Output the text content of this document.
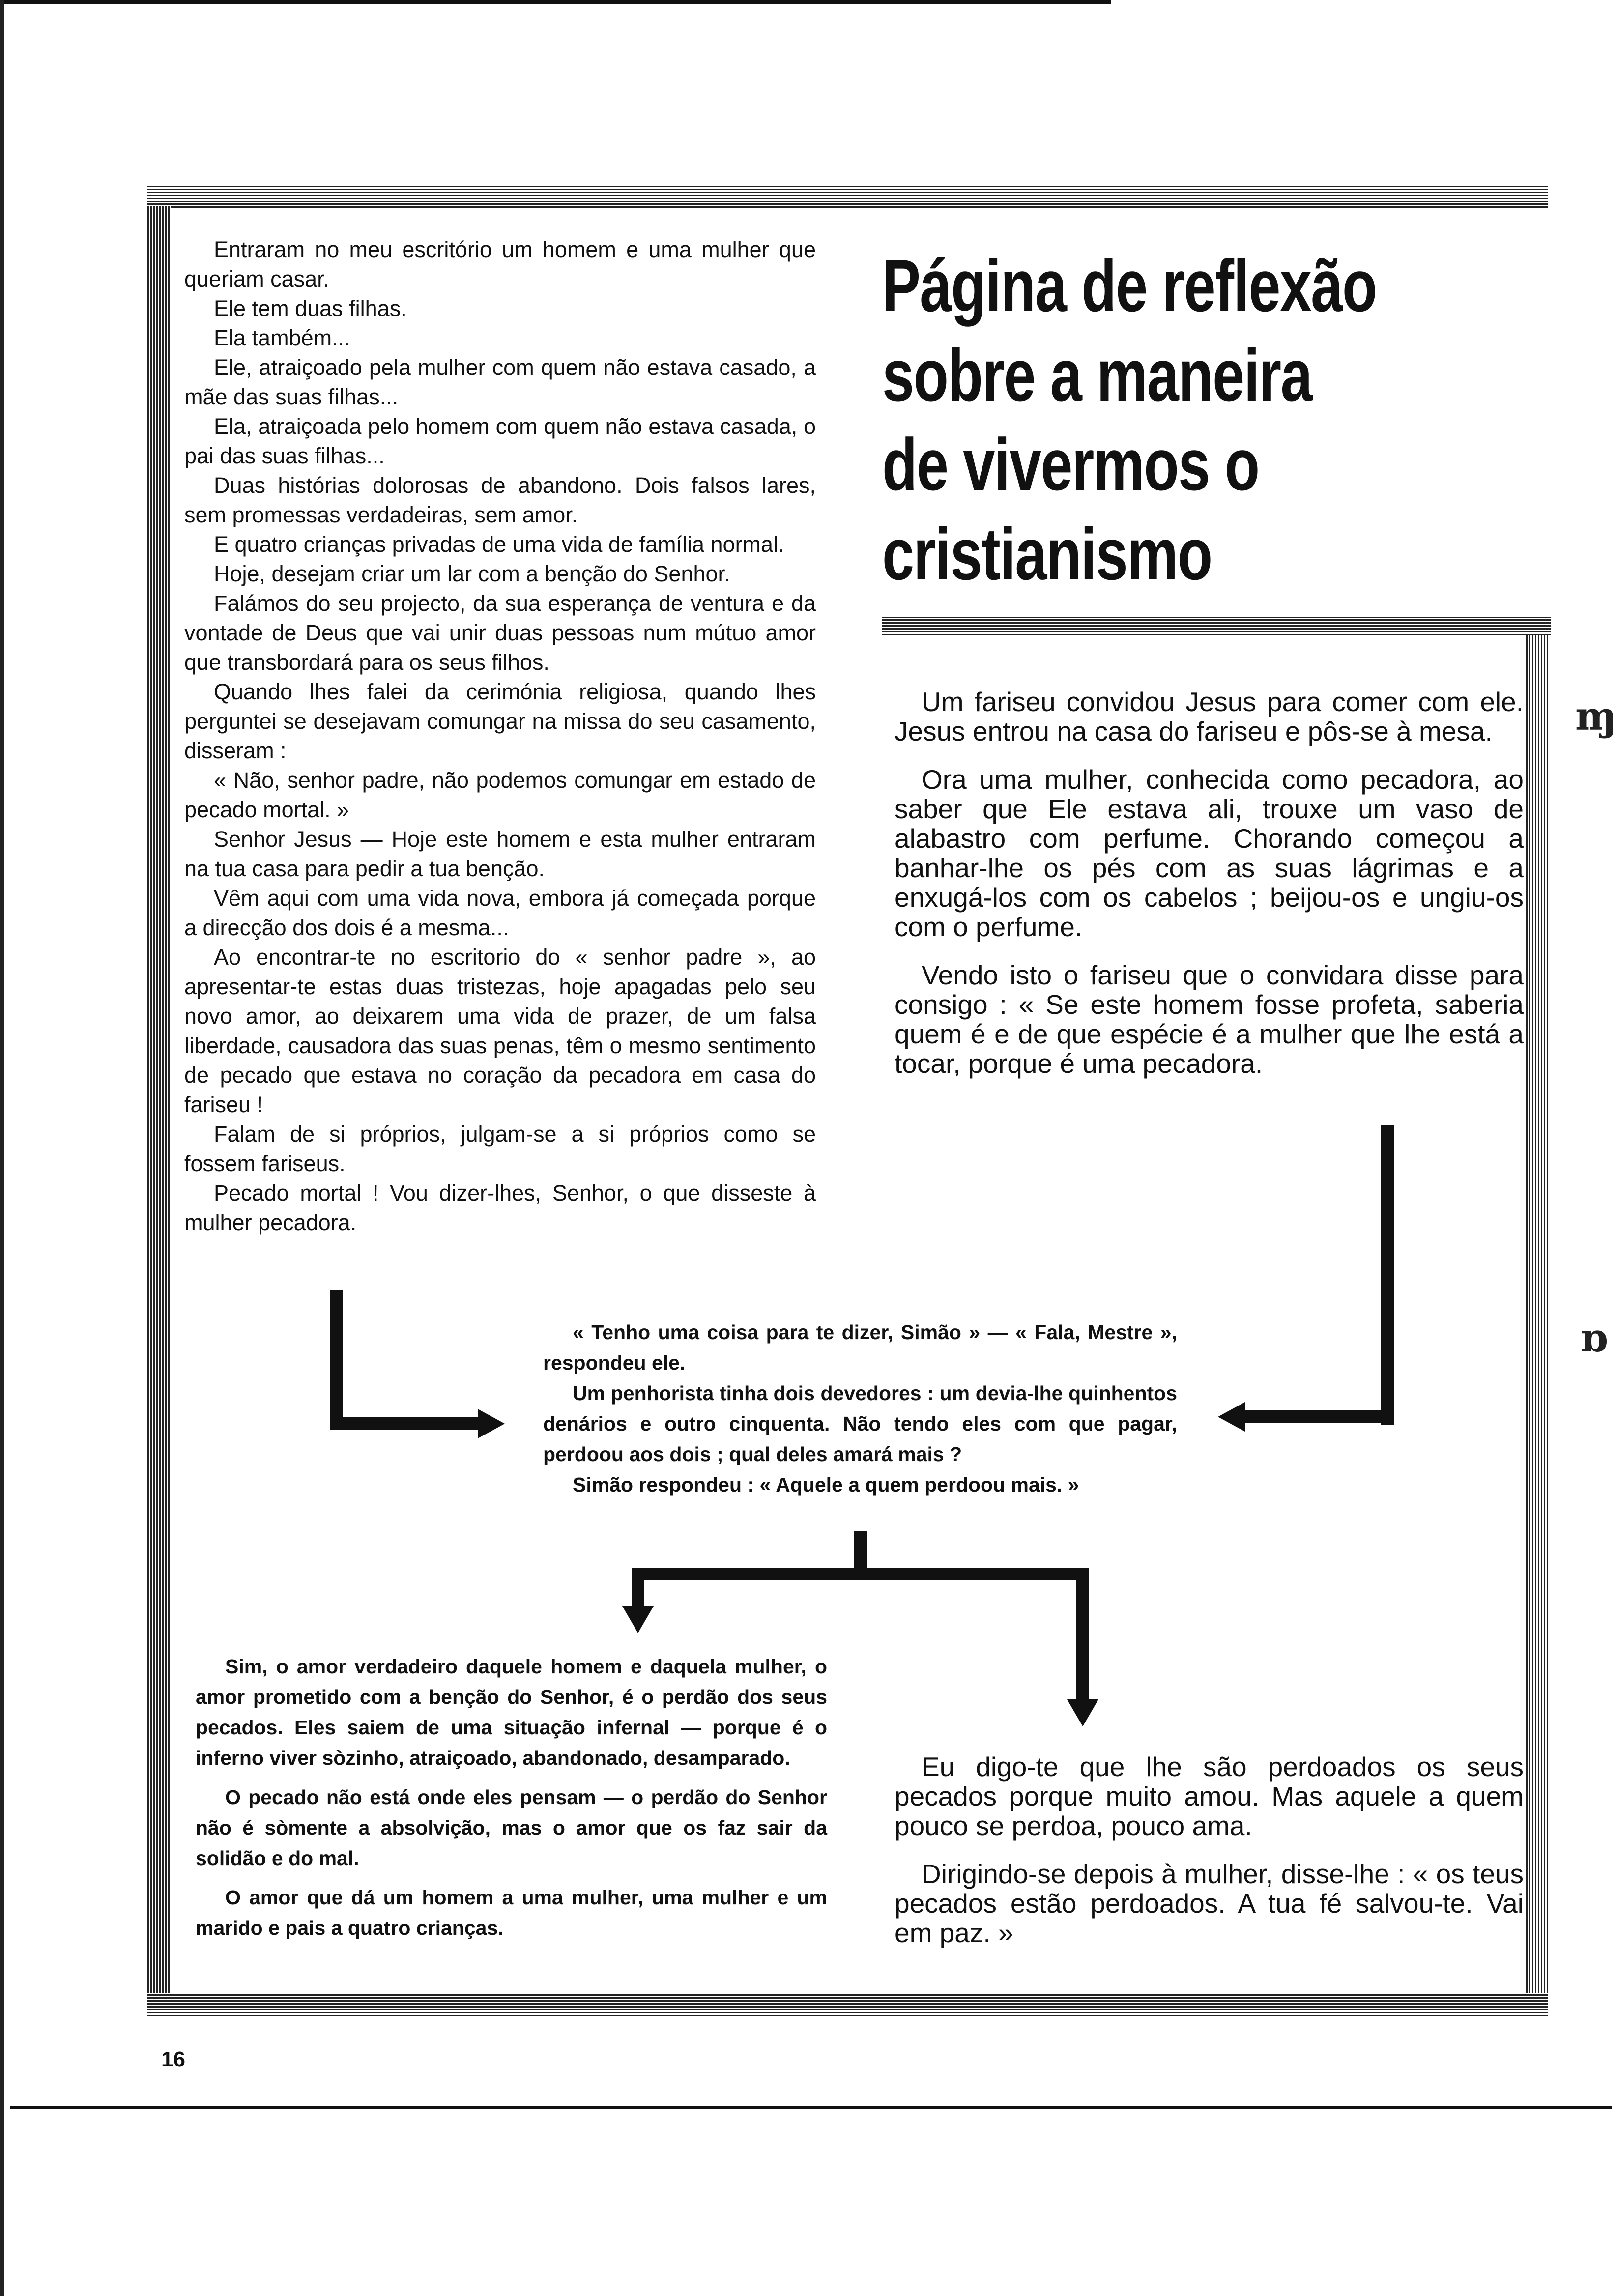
Entraram no meu escritório um homem e uma mulher que queriam casar.

Ele tem duas filhas.

Ela também...

Ele, atraiçoado pela mulher com quem não estava casado, a mãe das suas filhas...

Ela, atraiçoada pelo homem com quem não estava casada, o pai das suas filhas...

Duas histórias dolorosas de abandono. Dois falsos lares, sem promessas verdadeiras, sem amor.

E quatro crianças privadas de uma vida de família normal.

Hoje, desejam criar um lar com a benção do Senhor.

Falámos do seu projecto, da sua esperança de ventura e da vontade de Deus que vai unir duas pessoas num mútuo amor que transbordará para os seus filhos.

Quando lhes falei da cerimónia religiosa, quando lhes perguntei se desejavam comungar na missa do seu casamento, disseram :

« Não, senhor padre, não podemos comungar em estado de pecado mortal. »

Senhor Jesus — Hoje este homem e esta mulher entraram na tua casa para pedir a tua benção.

Vêm aqui com uma vida nova, embora já começada porque a direcção dos dois é a mesma...

Ao encontrar-te no escritorio do « senhor padre », ao apresentar-te estas duas tristezas, hoje apagadas pelo seu novo amor, ao deixarem uma vida de prazer, de um falsa liberdade, causadora das suas penas, têm o mesmo sentimento de pecado que estava no coração da pecadora em casa do fariseu !

Falam de si próprios, julgam-se a si próprios como se fossem fariseus.

Pecado mortal ! Vou dizer-lhes, Senhor, o que disseste à mulher pecadora.

Página de reflexão
sobre a maneira
de vivermos o
cristianismo

Um fariseu convidou Jesus para comer com ele. Jesus entrou na casa do fariseu e pôs-se à mesa.

Ora uma mulher, conhecida como pecadora, ao saber que Ele estava ali, trouxe um vaso de alabastro com perfume. Chorando começou a banhar-lhe os pés com as suas lágrimas e a enxugá-los com os cabelos ; beijou-os e ungiu-os com o perfume.

Vendo isto o fariseu que o convidara disse para consigo : « Se este homem fosse profeta, saberia quem é e de que espécie é a mulher que lhe está a tocar, porque é uma pecadora.

« Tenho uma coisa para te dizer, Simão » — « Fala, Mestre », respondeu ele.

Um penhorista tinha dois devedores : um devia-lhe quinhentos denários e outro cinquenta. Não tendo eles com que pagar, perdoou aos dois ; qual deles amará mais ?

Simão respondeu : « Aquele a quem perdoou mais. »

Sim, o amor verdadeiro daquele homem e daquela mulher, o amor prometido com a benção do Senhor, é o perdão dos seus pecados. Eles saiem de uma situação infernal — porque é o inferno viver sòzinho, atraiçoado, abandonado, desamparado.

O pecado não está onde eles pensam — o perdão do Senhor não é sòmente a absolvição, mas o amor que os faz sair da solidão e do mal.

O amor que dá um homem a uma mulher, uma mulher e um marido e pais a quatro crianças.

Eu digo-te que lhe são perdoados os seus pecados porque muito amou. Mas aquele a quem pouco se perdoa, pouco ama.

Dirigindo-se depois à mulher, disse-lhe : « os teus pecados estão perdoados. A tua fé salvou-te. Vai em paz. »

ɱ
ɒ
16
